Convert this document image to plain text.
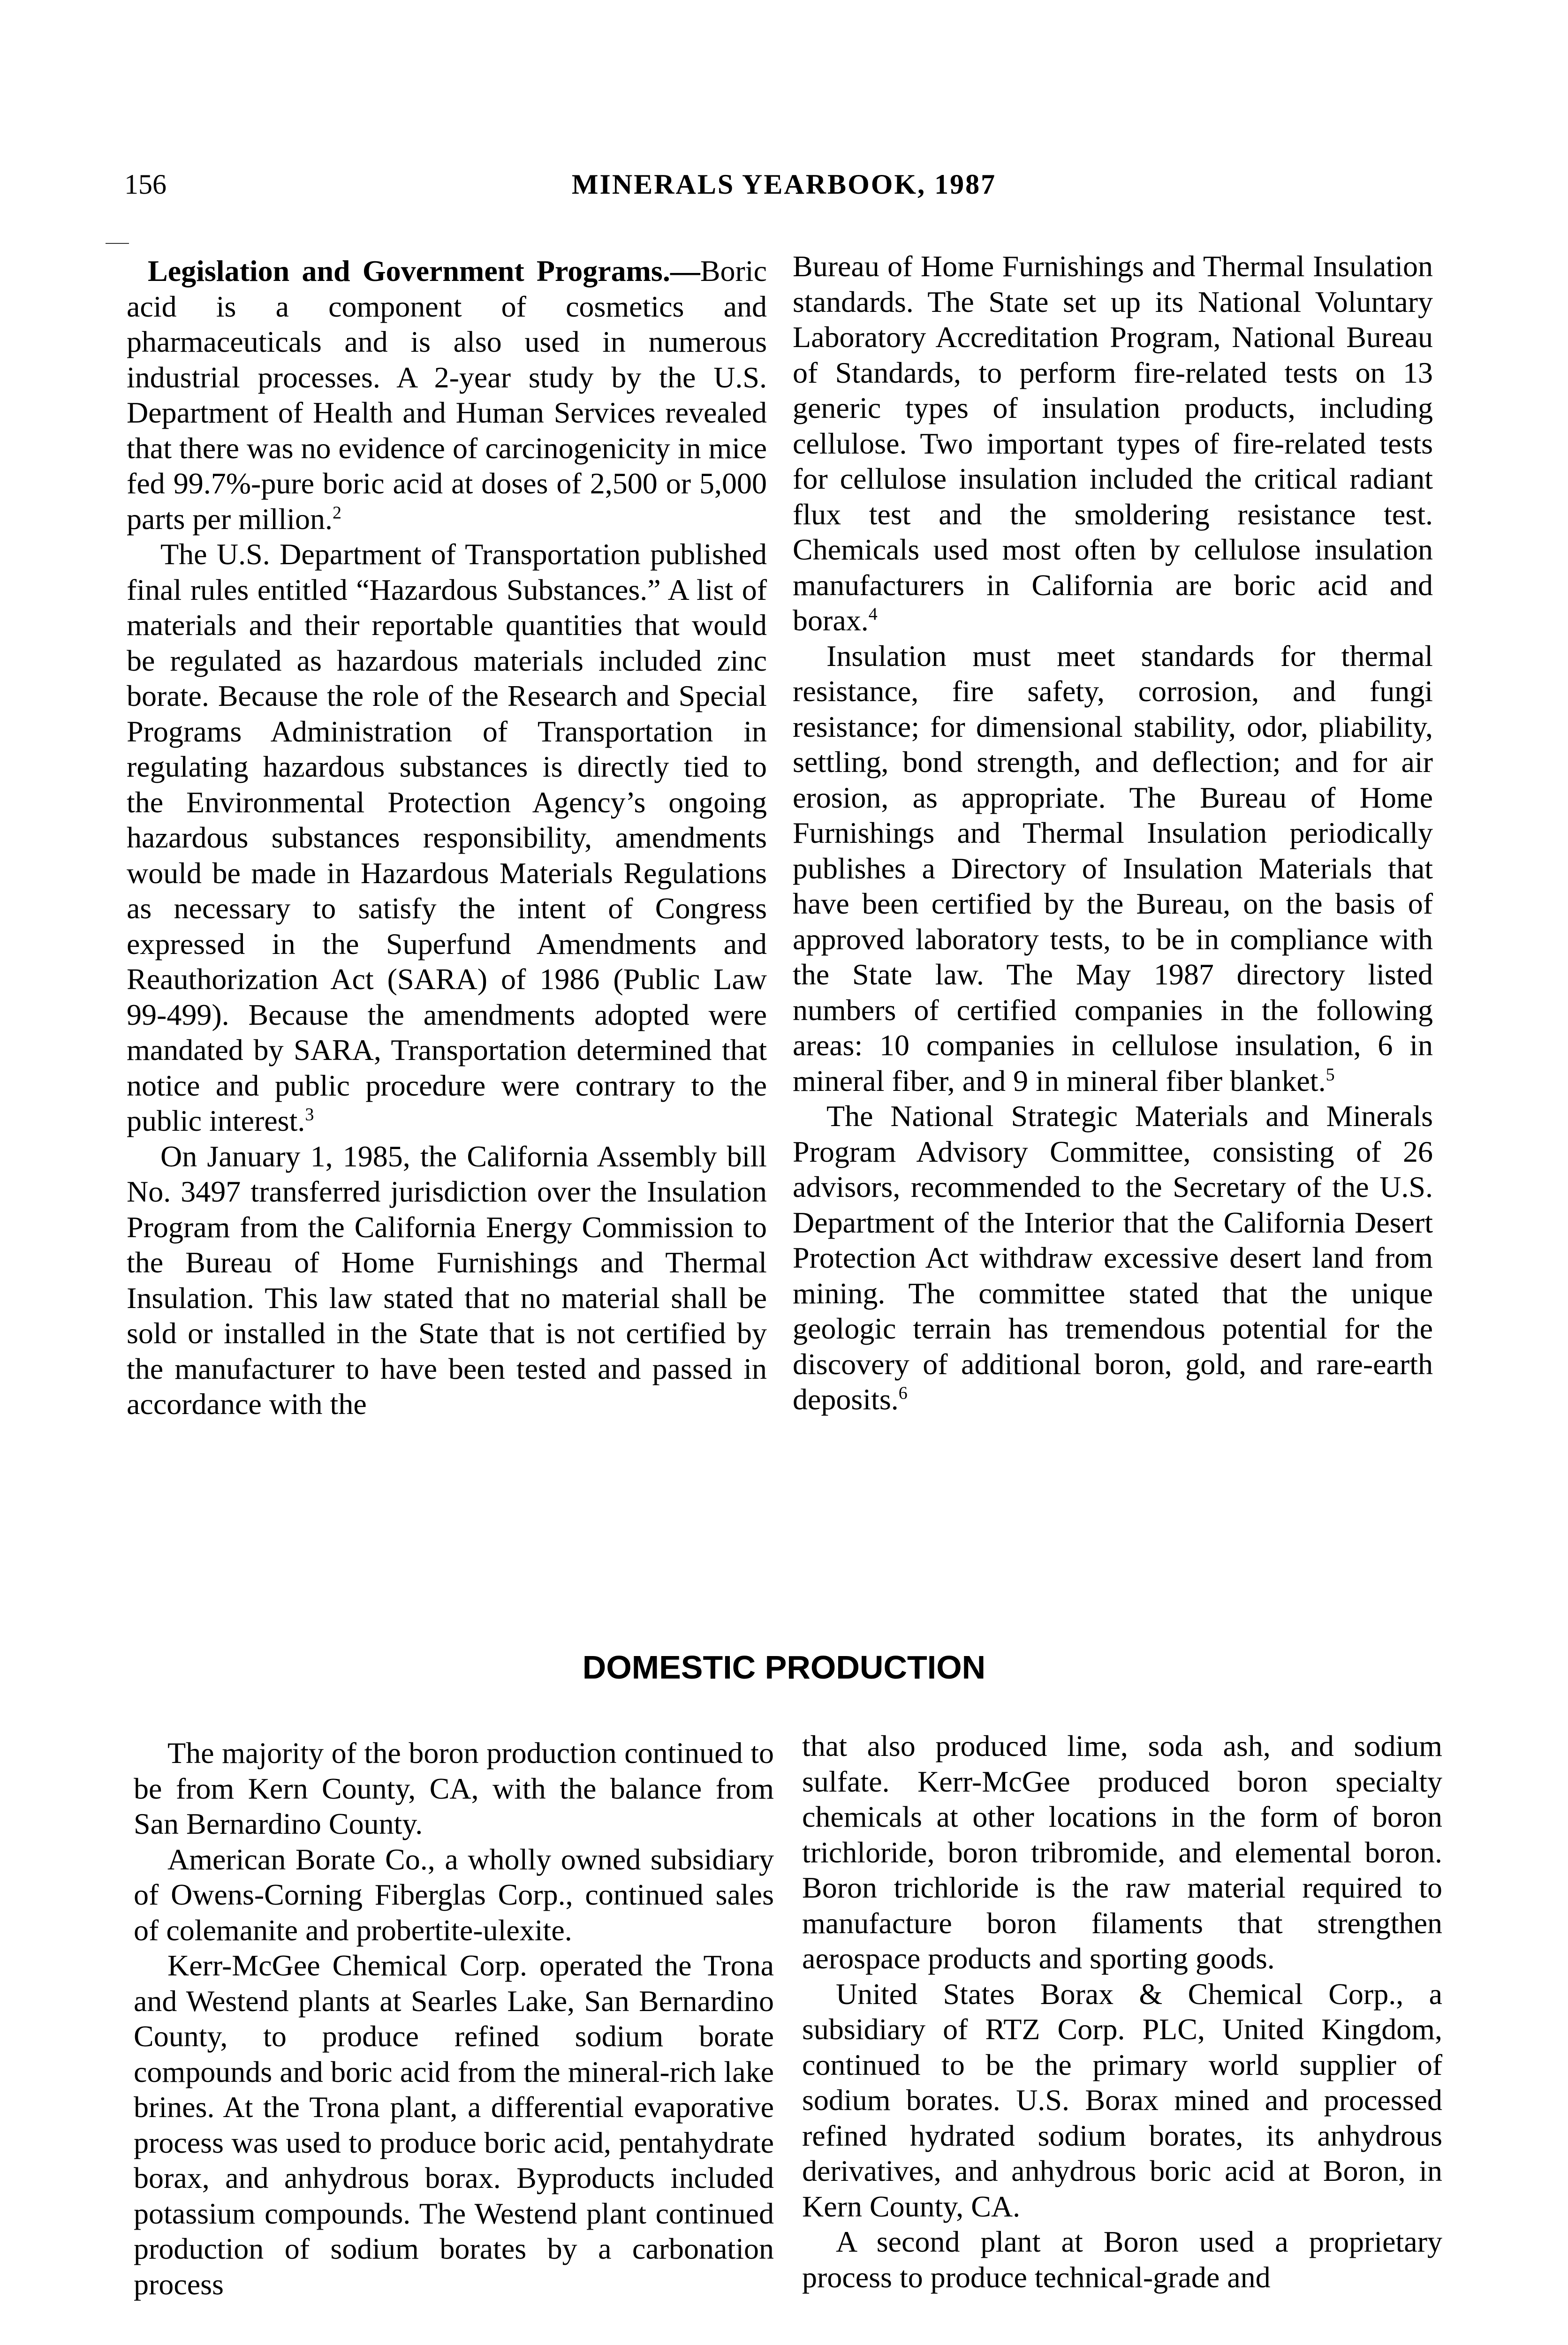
156	MINERALS YEARBOOK, 1987

Legislation and Government Programs.—Boric acid is a component of cosmetics and pharmaceuticals and is also used in numerous industrial processes. A 2-year study by the U.S. Department of Health and Human Services revealed that there was no evidence of carcinogenicity in mice fed 99.7%-pure boric acid at doses of 2,500 or 5,000 parts per million.$^2$

The U.S. Department of Transportation published final rules entitled “Hazardous Substances.” A list of materials and their reportable quantities that would be regulated as hazardous materials included zinc borate. Because the role of the Research and Special Programs Administration of Transportation in regulating hazardous substances is directly tied to the Environmental Protection Agency’s ongoing hazardous substances responsibility, amendments would be made in Hazardous Materials Regulations as necessary to satisfy the intent of Congress expressed in the Superfund Amendments and Reauthorization Act (SARA) of 1986 (Public Law 99-499). Because the amendments adopted were mandated by SARA, Transportation determined that notice and public procedure were contrary to the public interest.$^3$

On January 1, 1985, the California Assembly bill No. 3497 transferred jurisdiction over the Insulation Program from the California Energy Commission to the Bureau of Home Furnishings and Thermal Insulation. This law stated that no material shall be sold or installed in the State that is not certified by the manufacturer to have been tested and passed in accordance with the

Bureau of Home Furnishings and Thermal Insulation standards. The State set up its National Voluntary Laboratory Accreditation Program, National Bureau of Standards, to perform fire-related tests on 13 generic types of insulation products, including cellulose. Two important types of fire-related tests for cellulose insulation included the critical radiant flux test and the smoldering resistance test. Chemicals used most often by cellulose insulation manufacturers in California are boric acid and borax.$^4$

Insulation must meet standards for thermal resistance, fire safety, corrosion, and fungi resistance; for dimensional stability, odor, pliability, settling, bond strength, and deflection; and for air erosion, as appropriate. The Bureau of Home Furnishings and Thermal Insulation periodically publishes a Directory of Insulation Materials that have been certified by the Bureau, on the basis of approved laboratory tests, to be in compliance with the State law. The May 1987 directory listed numbers of certified companies in the following areas: 10 companies in cellulose insulation, 6 in mineral fiber, and 9 in mineral fiber blanket.$^5$

The National Strategic Materials and Minerals Program Advisory Committee, consisting of 26 advisors, recommended to the Secretary of the U.S. Department of the Interior that the California Desert Protection Act withdraw excessive desert land from mining. The committee stated that the unique geologic terrain has tremendous potential for the discovery of additional boron, gold, and rare-earth deposits.$^6$

DOMESTIC PRODUCTION

The majority of the boron production continued to be from Kern County, CA, with the balance from San Bernardino County.

American Borate Co., a wholly owned subsidiary of Owens-Corning Fiberglas Corp., continued sales of colemanite and probertite-ulexite.

Kerr-McGee Chemical Corp. operated the Trona and Westend plants at Searles Lake, San Bernardino County, to produce refined sodium borate compounds and boric acid from the mineral-rich lake brines. At the Trona plant, a differential evaporative process was used to produce boric acid, pentahydrate borax, and anhydrous borax. Byproducts included potassium compounds. The Westend plant continued production of sodium borates by a carbonation process

that also produced lime, soda ash, and sodium sulfate. Kerr-McGee produced boron specialty chemicals at other locations in the form of boron trichloride, boron tribromide, and elemental boron. Boron trichloride is the raw material required to manufacture boron filaments that strengthen aerospace products and sporting goods.

United States Borax & Chemical Corp., a subsidiary of RTZ Corp. PLC, United Kingdom, continued to be the primary world supplier of sodium borates. U.S. Borax mined and processed refined hydrated sodium borates, its anhydrous derivatives, and anhydrous boric acid at Boron, in Kern County, CA.

A second plant at Boron used a proprietary process to produce technical-grade and
